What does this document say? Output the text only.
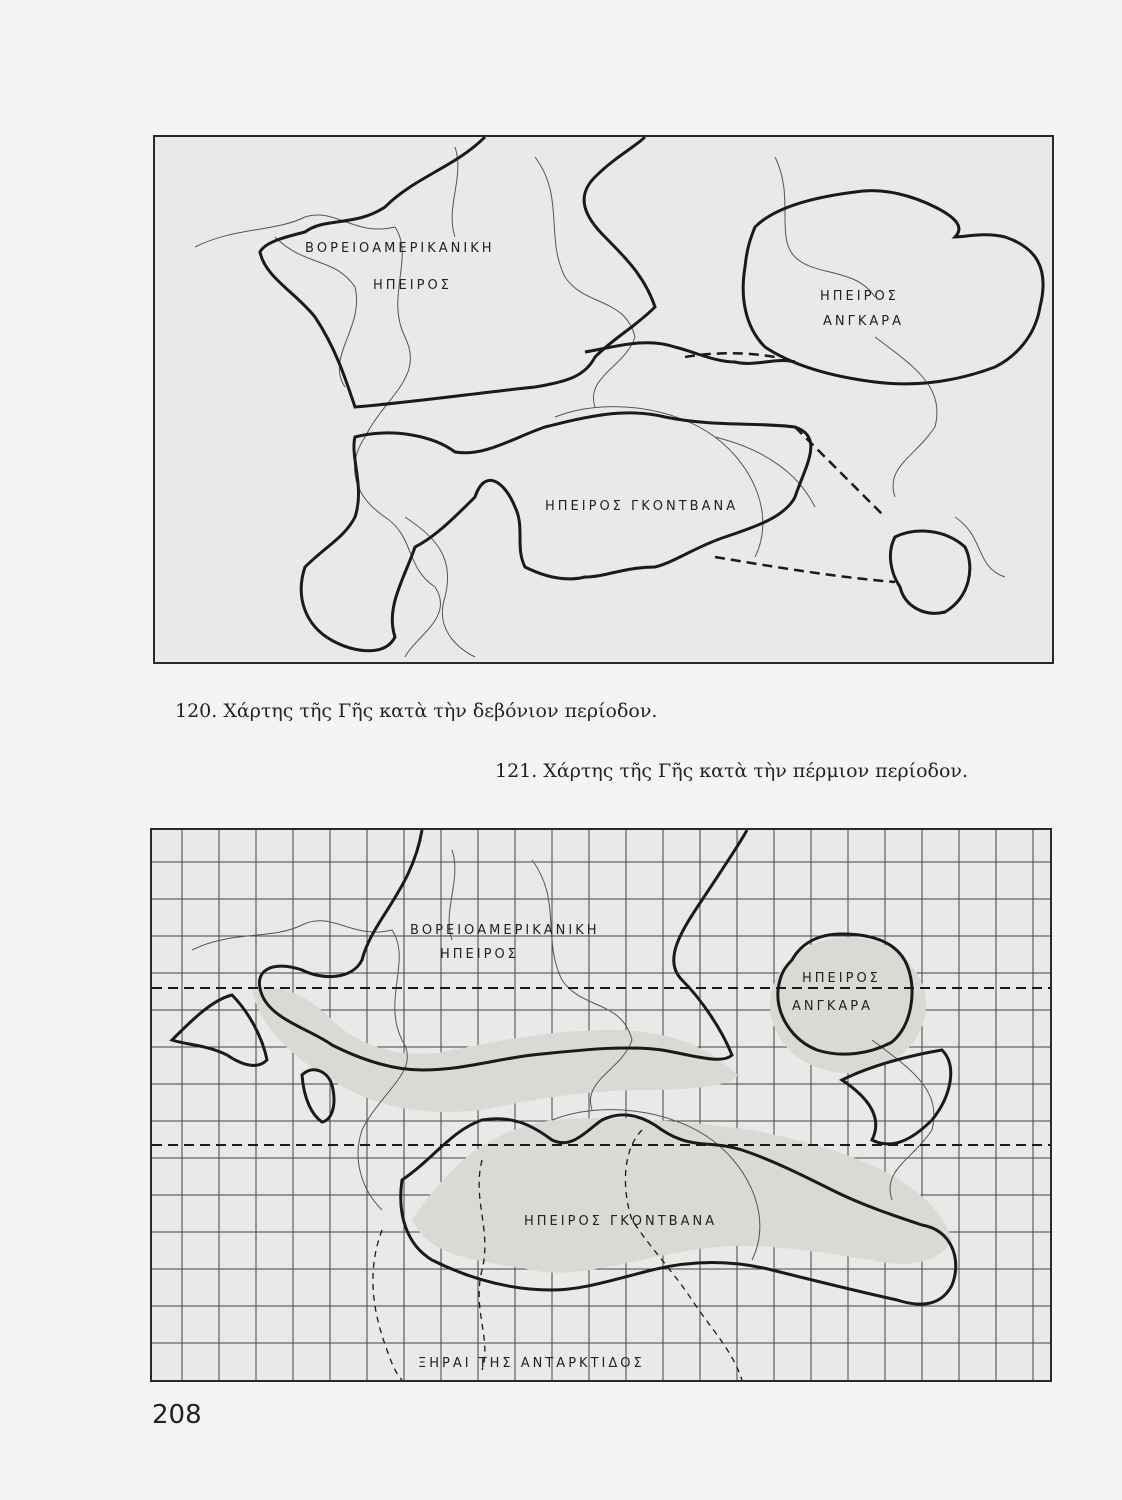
ΒΟΡΕΙΟΑΜΕΡΙΚΑΝΙΚΗ
ΗΠΕΙΡΟΣ
ΗΠΕΙΡΟΣ
ΑΝΓΚΑΡΑ
ΗΠΕΙΡΟΣ ΓΚΟΝΤΒΑΝΑ
120. Χάρτης τῆς Γῆς κατὰ τὴν δεβόνιον περίοδον.
121. Χάρτης τῆς Γῆς κατὰ τὴν πέρμιον περίοδον.
ΒΟΡΕΙΟΑΜΕΡΙΚΑΝΙΚΗ
ΗΠΕΙΡΟΣ
ΗΠΕΙΡΟΣ
ΑΝΓΚΑΡΑ
ΗΠΕΙΡΟΣ ΓΚΟΝΤΒΑΝΑ
ΞΗΡΑΙ ΤΗΣ ΑΝΤΑΡΚΤΙΔΟΣ
208
